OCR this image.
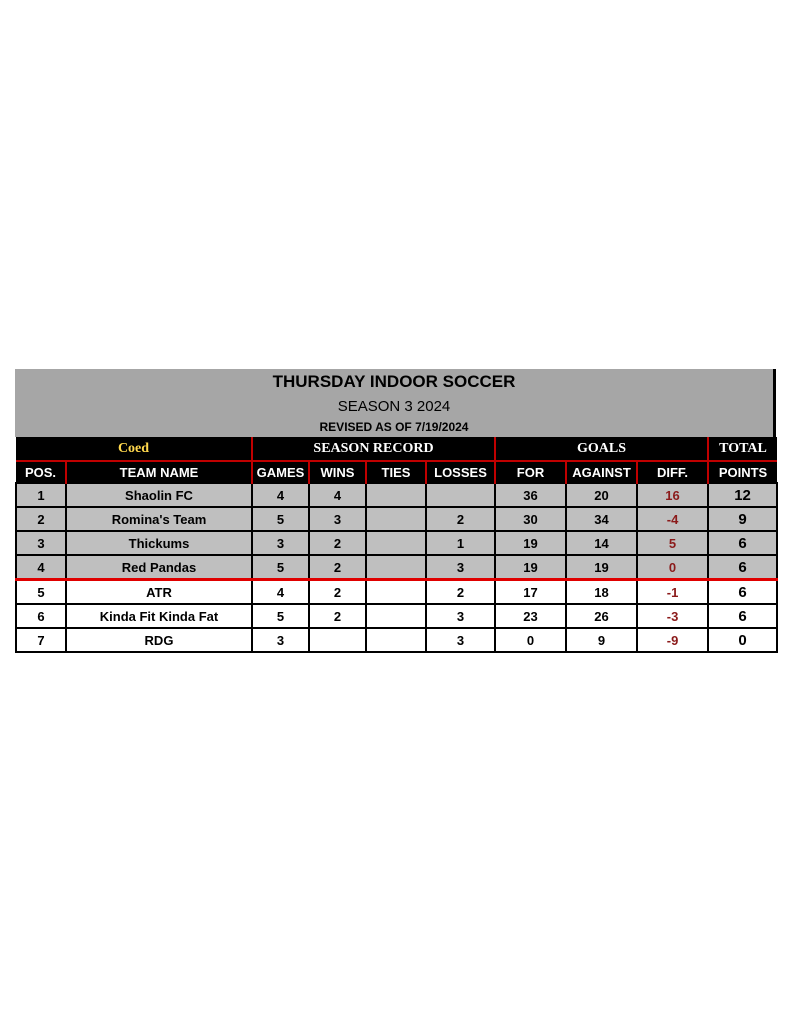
THURSDAY INDOOR SOCCER
SEASON 3 2024
REVISED AS OF 7/19/2024
Coed		SEASON RECORD				GOALS			TOTAL
POS.	TEAM NAME	GAMES	WINS	TIES	LOSSES	FOR	AGAINST	DIFF.	POINTS
1	Shaolin FC	4	4			36	20	16	12
2	Romina's Team	5	3		2	30	34	-4	9
3	Thickums	3	2		1	19	14	5	6
4	Red Pandas	5	2		3	19	19	0	6
5	ATR	4	2		2	17	18	-1	6
6	Kinda Fit Kinda Fat	5	2		3	23	26	-3	6
7	RDG	3			3	0	9	-9	0
